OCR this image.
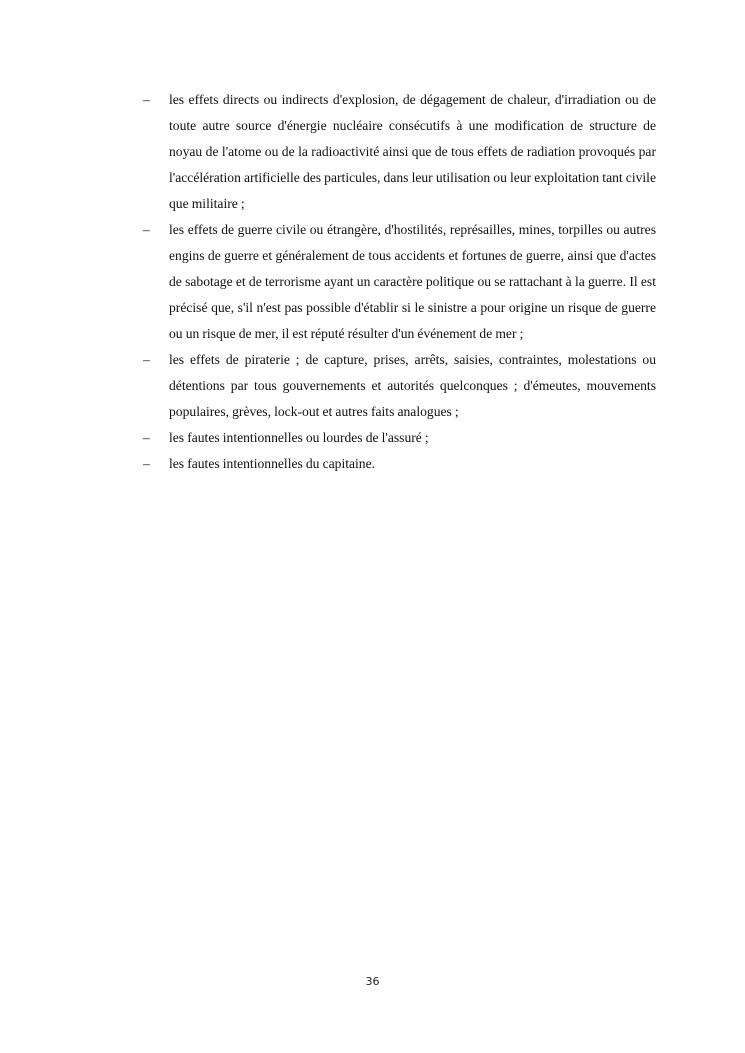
– les effets directs ou indirects d'explosion, de dégagement de chaleur, d'irradiation ou de toute autre source d'énergie nucléaire consécutifs à une modification de structure de noyau de l'atome ou de la radioactivité ainsi que de tous effets de radiation provoqués par l'accélération artificielle des particules, dans leur utilisation ou leur exploitation tant civile que militaire ;
– les effets de guerre civile ou étrangère, d'hostilités, représailles, mines, torpilles ou autres engins de guerre et généralement de tous accidents et fortunes de guerre, ainsi que d'actes de sabotage et de terrorisme ayant un caractère politique ou se rattachant à la guerre. Il est précisé que, s'il n'est pas possible d'établir si le sinistre a pour origine un risque de guerre ou un risque de mer, il est réputé résulter d'un événement de mer ;
– les effets de piraterie ; de capture, prises, arrêts, saisies, contraintes, molestations ou détentions par tous gouvernements et autorités quelconques ; d'émeutes, mouvements populaires, grèves, lock-out et autres faits analogues ;
– les fautes intentionnelles ou lourdes de l'assuré ;
– les fautes intentionnelles du capitaine.
36
